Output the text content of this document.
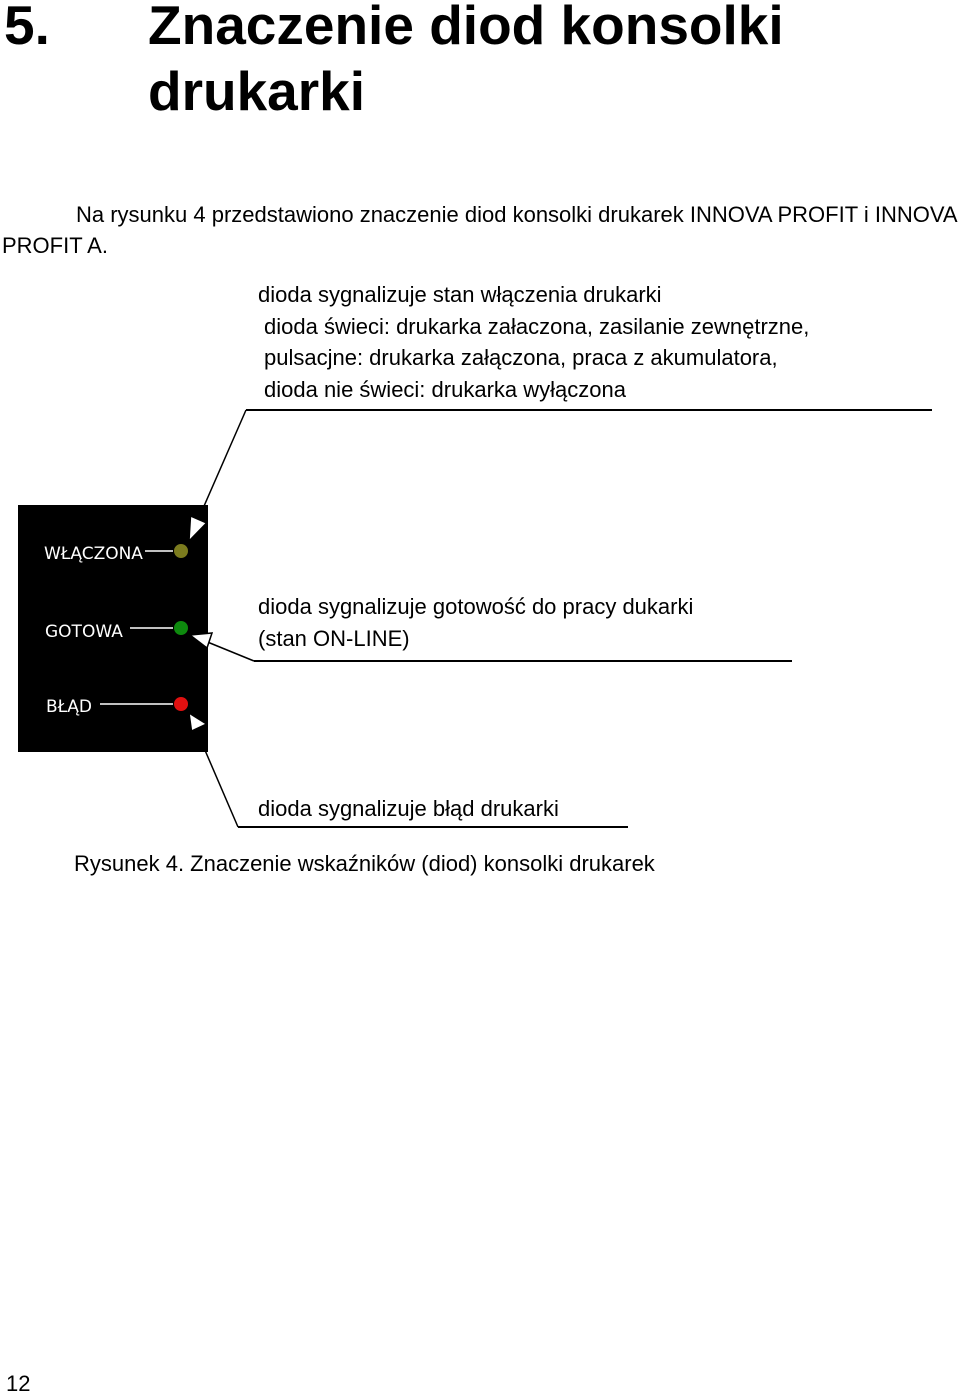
5. Znaczenie diod konsolki drukarki

Na rysunku 4 przedstawiono znaczenie diod konsolki drukarek INNOVA PROFIT i INNOVA PROFIT A.

WŁĄCZONA
GOTOWA
BŁĄD
dioda sygnalizuje stan włączenia drukarki
dioda świeci: drukarka załaczona, zasilanie zewnętrzne,
pulsacjne: drukarka załączona, praca z akumulatora,
dioda nie świeci: drukarka wyłączona
dioda sygnalizuje gotowość do pracy dukarki
(stan ON-LINE)
dioda sygnalizuje błąd drukarki
Rysunek 4. Znaczenie wskaźników (diod) konsolki drukarek
12
